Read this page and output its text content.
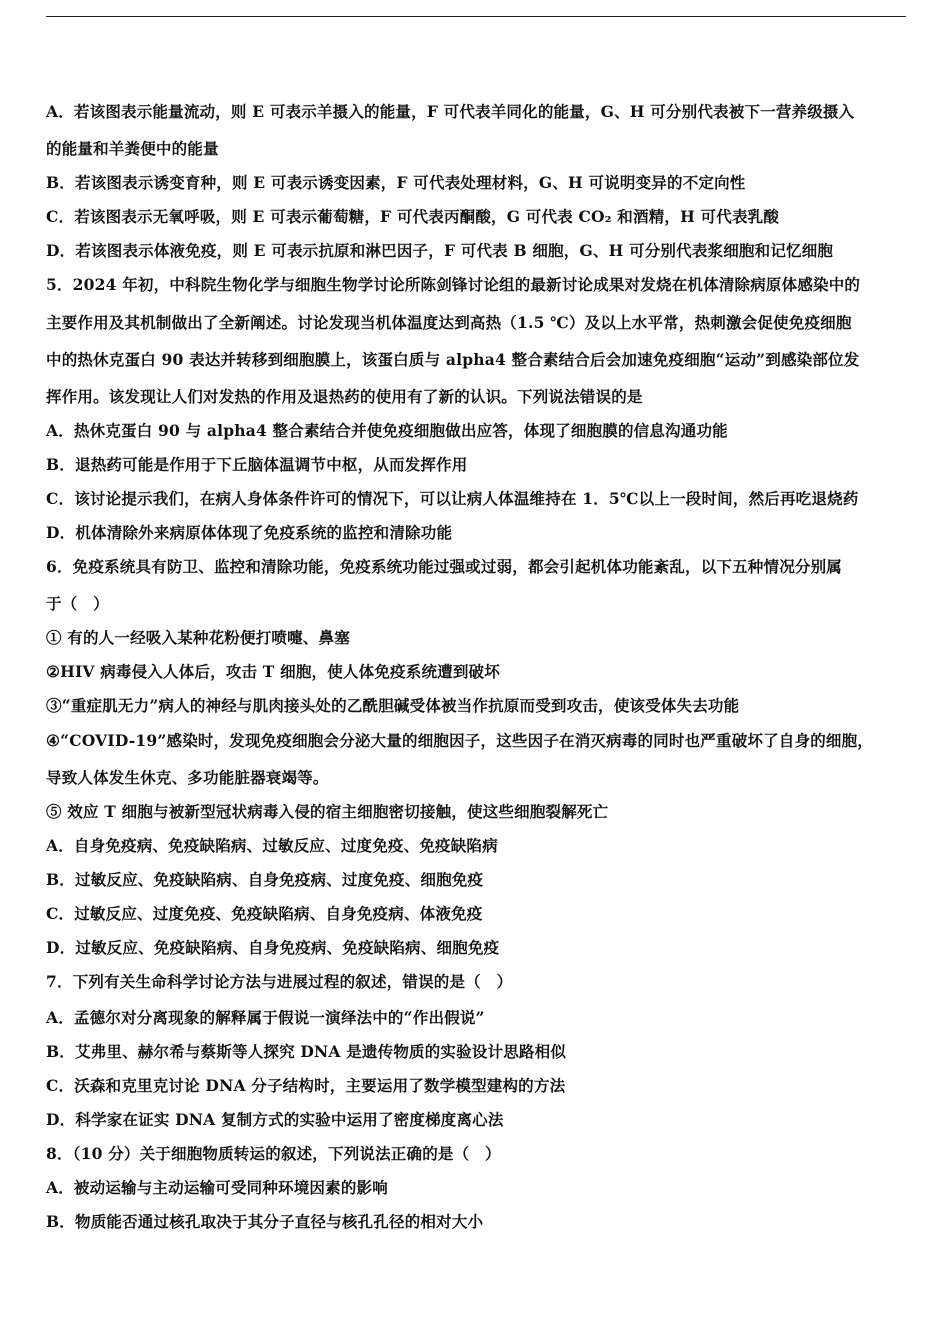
A．若该图表示能量流动，则 E 可表示羊摄入的能量，F 可代表羊同化的能量，G、H 可分别代表被下一营养级摄入
的能量和羊粪便中的能量
B．若该图表示诱变育种，则 E 可表示诱变因素，F 可代表处理材料，G、H 可说明变异的不定向性
C．若该图表示无氧呼吸，则 E 可表示葡萄糖，F 可代表丙酮酸，G 可代表 CO₂ 和酒精，H 可代表乳酸
D．若该图表示体液免疫，则 E 可表示抗原和淋巴因子，F 可代表 B 细胞，G、H 可分别代表浆细胞和记忆细胞
5．2024 年初，中科院生物化学与细胞生物学讨论所陈剑锋讨论组的最新讨论成果对发烧在机体清除病原体感染中的
主要作用及其机制做出了全新阐述。讨论发现当机体温度达到高热（1.5 ℃）及以上水平常，热刺激会促使免疫细胞
中的热休克蛋白 90 表达并转移到细胞膜上，该蛋白质与 alpha4 整合素结合后会加速免疫细胞“运动”到感染部位发
挥作用。该发现让人们对发热的作用及退热药的使用有了新的认识。下列说法错误的是
A．热休克蛋白 90 与 alpha4 整合素结合并使免疫细胞做出应答，体现了细胞膜的信息沟通功能
B．退热药可能是作用于下丘脑体温调节中枢，从而发挥作用
C．该讨论提示我们，在病人身体条件许可的情况下，可以让病人体温维持在 1．5℃以上一段时间，然后再吃退烧药
D．机体清除外来病原体体现了免疫系统的监控和清除功能
6．免疫系统具有防卫、监控和清除功能，免疫系统功能过强或过弱，都会引起机体功能紊乱，以下五种情况分别属
于（　）
① 有的人一经吸入某种花粉便打喷嚏、鼻塞
②HIV 病毒侵入人体后，攻击 T 细胞，使人体免疫系统遭到破坏
③“重症肌无力”病人的神经与肌肉接头处的乙酰胆碱受体被当作抗原而受到攻击，使该受体失去功能
④“COVID-19”感染时，发现免疫细胞会分泌大量的细胞因子，这些因子在消灭病毒的同时也严重破坏了自身的细胞，
导致人体发生休克、多功能脏器衰竭等。
⑤ 效应 T 细胞与被新型冠状病毒入侵的宿主细胞密切接触，使这些细胞裂解死亡
A．自身免疫病、免疫缺陷病、过敏反应、过度免疫、免疫缺陷病
B．过敏反应、免疫缺陷病、自身免疫病、过度免疫、细胞免疫
C．过敏反应、过度免疫、免疫缺陷病、自身免疫病、体液免疫
D．过敏反应、免疫缺陷病、自身免疫病、免疫缺陷病、细胞免疫
7．下列有关生命科学讨论方法与进展过程的叙述，错误的是（　）
A．孟德尔对分离现象的解释属于假说一演绎法中的“作出假说”
B．艾弗里、赫尔希与蔡斯等人探究 DNA 是遗传物质的实验设计思路相似
C．沃森和克里克讨论 DNA 分子结构时，主要运用了数学模型建构的方法
D．科学家在证实 DNA 复制方式的实验中运用了密度梯度离心法
8．（10 分）关于细胞物质转运的叙述，下列说法正确的是（　）
A．被动运输与主动运输可受同种环境因素的影响
B．物质能否通过核孔取决于其分子直径与核孔孔径的相对大小
